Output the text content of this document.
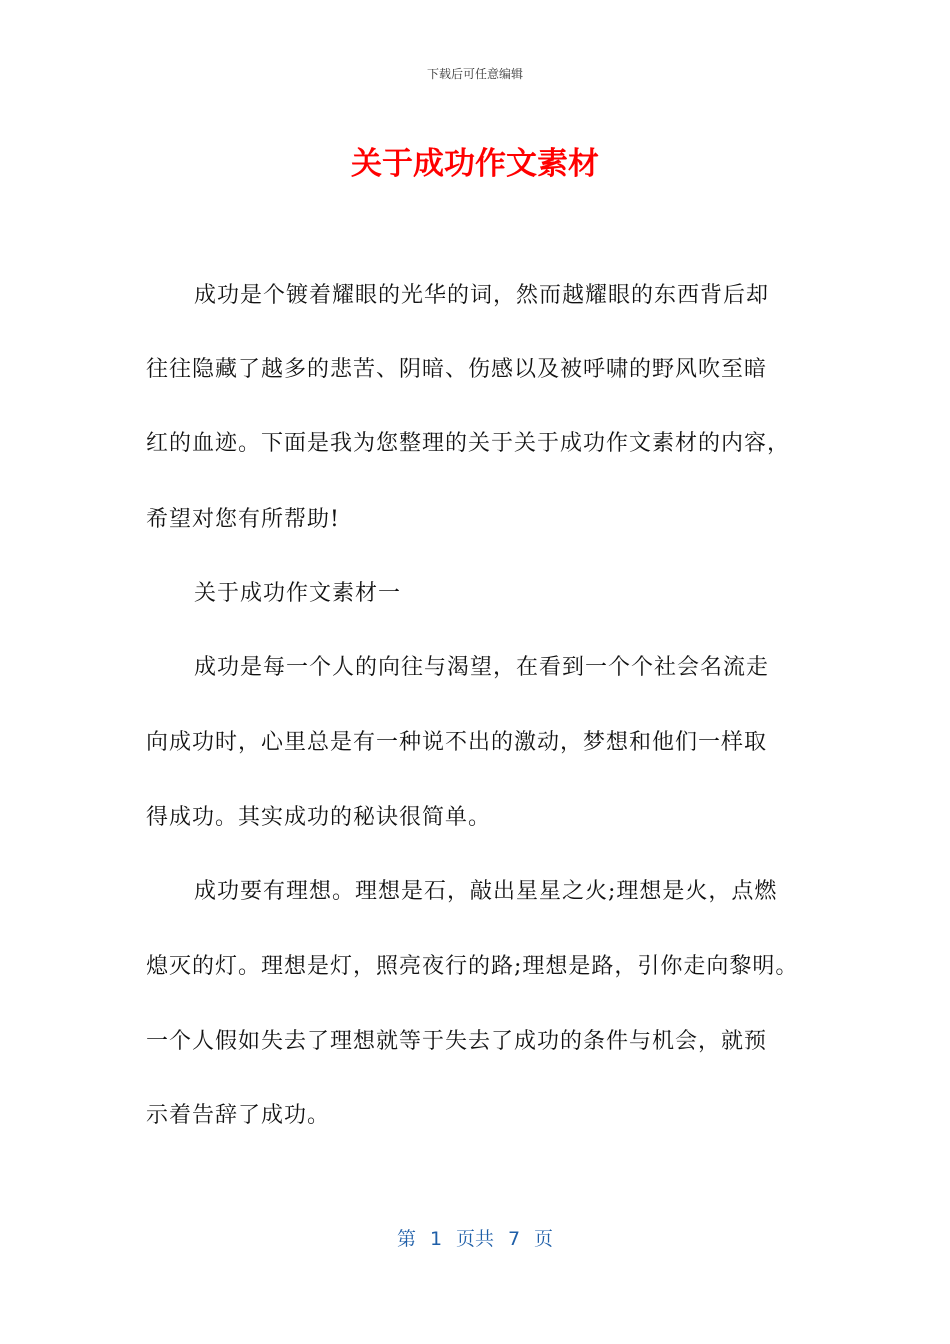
下载后可任意编辑
关于成功作文素材
成功是个镀着耀眼的光华的词，然而越耀眼的东西背后却
往往隐藏了越多的悲苦、阴暗、伤感以及被呼啸的野风吹至暗
红的血迹。下面是我为您整理的关于关于成功作文素材的内容，
希望对您有所帮助!
关于成功作文素材一
成功是每一个人的向往与渴望，在看到一个个社会名流走
向成功时，心里总是有一种说不出的激动，梦想和他们一样取
得成功。其实成功的秘诀很简单。
成功要有理想。理想是石，敲出星星之火;理想是火，点燃
熄灭的灯。理想是灯，照亮夜行的路;理想是路，引你走向黎明。
一个人假如失去了理想就等于失去了成功的条件与机会，就预
示着告辞了成功。
第 1 页共 7 页
